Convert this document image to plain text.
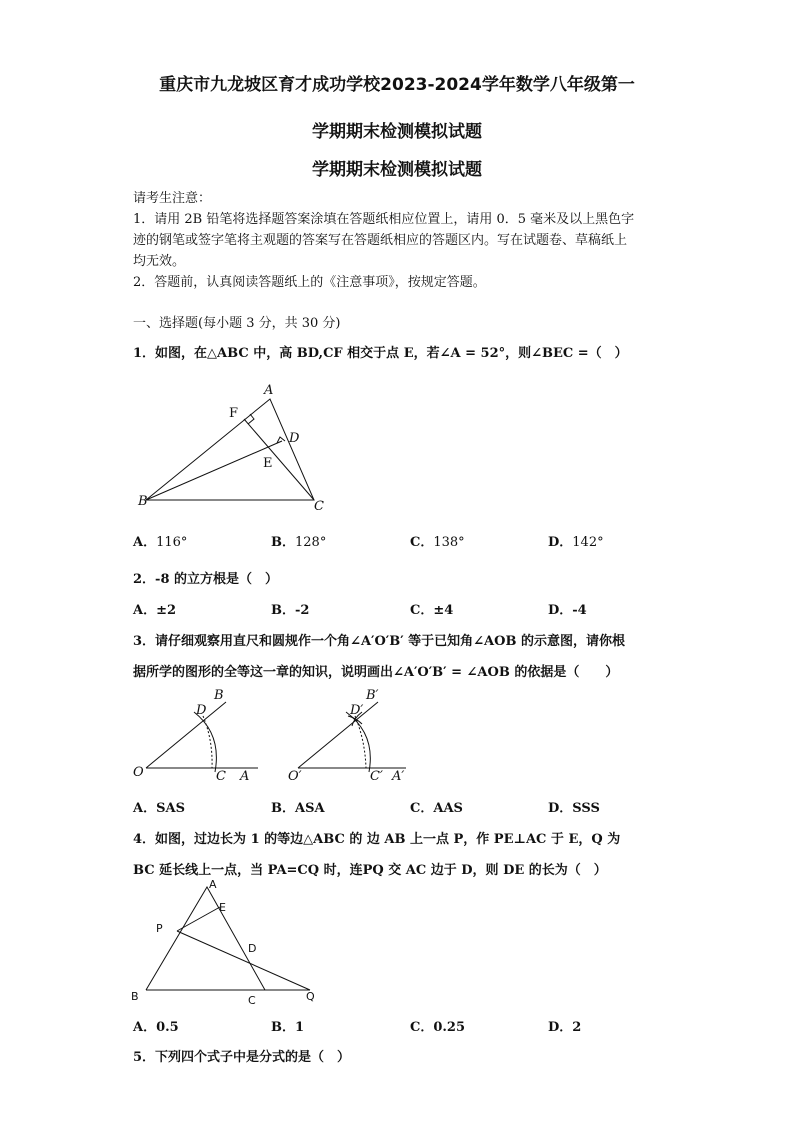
重庆市九龙坡区育才成功学校2023-2024学年数学八年级第一
学期期末检测模拟试题
学期期末检测模拟试题
请考生注意：
1．请用 2B 铅笔将选择题答案涂填在答题纸相应位置上，请用 0．5 毫米及以上黑色字
迹的钢笔或签字笔将主观题的答案写在答题纸相应的答题区内。写在试题卷、草稿纸上
均无效。
2．答题前，认真阅读答题纸上的《注意事项》，按规定答题。
一、选择题(每小题 3 分，共 30 分)
1．如图，在△ABC 中，高 BD,CF 相交于点 E，若∠A = 52°，则∠BEC =（　）
A
F
D
E
B	C
A．116°	B．128°	C．138°	D．142°
2．-8 的立方根是（　）
A．±2	B．-2	C．±4	D．-4
3．请仔细观察用直尺和圆规作一个角∠A′O′B′ 等于已知角∠AOB 的示意图，请你根
据所学的图形的全等这一章的知识，说明画出∠A′O′B′ = ∠AOB 的依据是（　　）
B
D
O	C A
B′
D′
O′	C′ A′
A．SAS	B．ASA	C．AAS	D．SSS
4．如图，过边长为 1 的等边△ABC 的 边 AB 上一点 P，作 PE⊥AC 于 E，Q 为
BC 延长线上一点，当 PA=CQ 时，连PQ 交 AC 边于 D，则 DE 的长为（　）
A
E
P
D
B	C	Q
A．0.5	B．1	C．0.25	D．2
5．下列四个式子中是分式的是（　）
